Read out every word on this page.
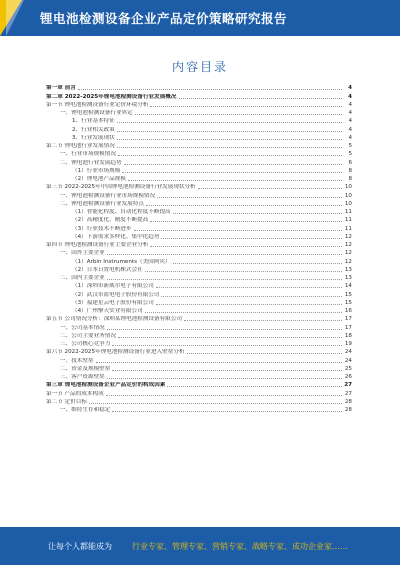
锂电池检测设备企业产品定价策略研究报告
内容目录
第一章 前言	4
第二章 2022-2025年锂电池检测设备行业发展概况	4
第一节 锂电池检测设备行业定价环境分析	4
一、锂电池检测设备行业界定	4
1、行业基本特征	4
2、行业相关政策	4
3、行业发展现状	4
第二节 锂电池行业发展情况	5
一、行业市场规模情况	5
二、锂电池行业发展趋势	6
（1）行业市场规模	8
（2）锂电池产品规模	8
第三节 2022-2025年中国锂电池检测设备行业发展现状分析	10
一、锂电池检测设备行业市场规模情况	10
二、锂电池检测设备行业发展特点	10
（1）智能化程度、自动化程度不断提高	11
（2）高精度化、精度不断提高	11
（3）行业技术不断进步	11
（4）下游需求多样化、集中化趋势	12
第四节 锂电池检测设备行业主要企业分析	12
一、国外主要企业	12
（1）Arbin Instruments（美国阿宾）	12
（2）日本日置电机株式会社	13
二、国内主要企业	13
（1）深圳市新威尔电子有限公司	14
（2）武汉市蓝电电子股份有限公司	15
（3）福建星云电子股份有限公司	15
（4）广州擎天实业有限公司	16
第五节 公司情况分析：深圳某锂电池检测设备有限公司	17
一、公司基本情况	17
二、公司主要业务情况	18
三、公司核心竞争力	19
第六节 2022-2025年锂电池检测设备行业进入壁垒分析	24
一、技术壁垒	24
二、资金及规模壁垒	25
三、客户资源壁垒	26
第三章 锂电池检测设备企业产品定价的构成因素	27
第一节 产品的成本构成	27
第二节 定价目标	28
一、维持生存和稳定	28
让每个人都能成为	行业专家、管理专家、营销专家、战略专家、成功企业家……
